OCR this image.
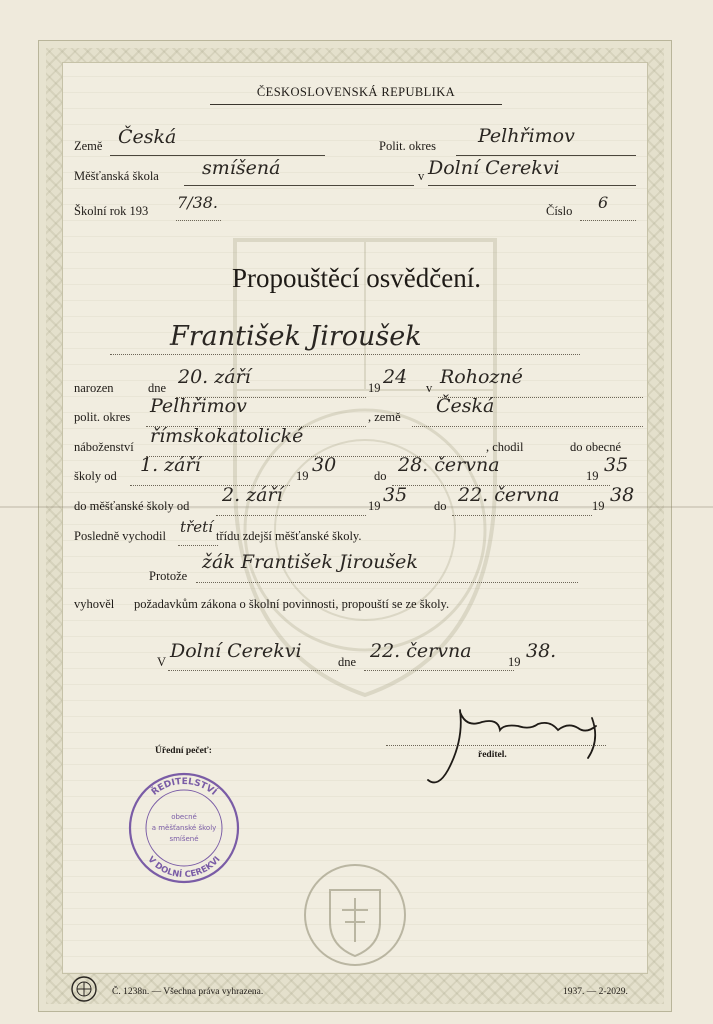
ČESKOSLOVENSKÁ REPUBLIKA
Země Česká	Polit. okres Pelhřimov
Měšťanská škola smíšená	v Dolní Cerekvi
Školní rok 193 7/38.	Číslo 6
Propouštěcí osvědčení.
František Jiroušek
narozen	dne 20. září	19 24 v Rohozné
polit. okres Pelhřimov	, země Česká
náboženství římskokatolické	, chodil	do obecné
školy od 1. září	19 30	do 28. června	19 35
do měšťanské školy od 2. září	19 35 do 22. června	19 38
Posledně vychodil třetí třídu zdejší měšťanské školy.
Protože
žák František Jiroušek
vyhověl požadavkům zákona o školní povinnosti, propouští se ze školy.
V Dolní Cerekvi	dne 22. června	19 38.
Úřední pečeť:	ředitel.
ŘEDITELSTVÍ
V DOLNÍ CEREKVI
obecné
a měšťanské školy
smíšené
Č. 1238n. — Všechna práva vyhrazena.	1937. — 2-2029.
